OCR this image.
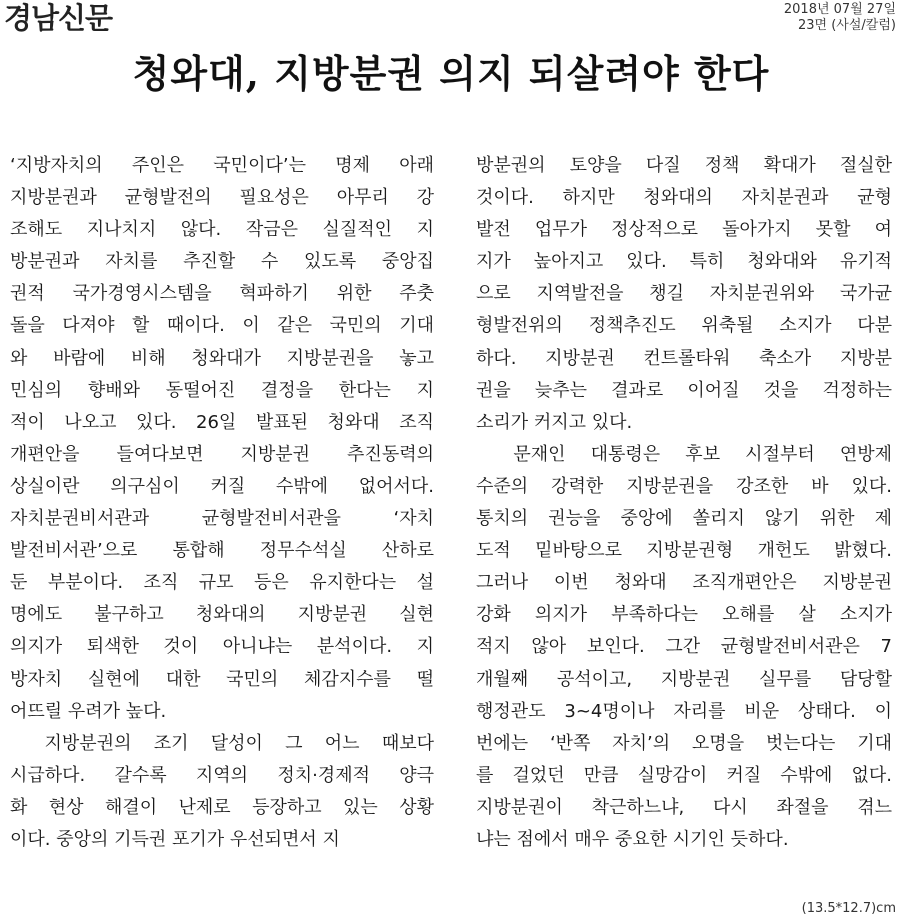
경남신문	2018년 07월 27일
23면 (사설/칼럼)
청와대, 지방분권 의지 되살려야 한다
‘지방자치의 주인은 국민이다’는 명제 아래
지방분권과 균형발전의 필요성은 아무리 강
조해도 지나치지 않다. 작금은 실질적인 지
방분권과 자치를 추진할 수 있도록 중앙집
권적 국가경영시스템을 혁파하기 위한 주춧
돌을 다져야 할 때이다. 이 같은 국민의 기대
와 바람에 비해 청와대가 지방분권을 놓고
민심의 향배와 동떨어진 결정을 한다는 지
적이 나오고 있다. 26일 발표된 청와대 조직
개편안을 들여다보면 지방분권 추진동력의
상실이란 의구심이 커질 수밖에 없어서다.
자치분권비서관과 균형발전비서관을 ‘자치
발전비서관’으로 통합해 정무수석실 산하로
둔 부분이다. 조직 규모 등은 유지한다는 설
명에도 불구하고 청와대의 지방분권 실현
의지가 퇴색한 것이 아니냐는 분석이다. 지
방자치 실현에 대한 국민의 체감지수를 떨
어뜨릴 우려가 높다.
　지방분권의 조기 달성이 그 어느 때보다
시급하다. 갈수록 지역의 정치·경제적 양극
화 현상 해결이 난제로 등장하고 있는 상황
이다. 중앙의 기득권 포기가 우선되면서 지
방분권의 토양을 다질 정책 확대가 절실한
것이다. 하지만 청와대의 자치분권과 균형
발전 업무가 정상적으로 돌아가지 못할 여
지가 높아지고 있다. 특히 청와대와 유기적
으로 지역발전을 챙길 자치분권위와 국가균
형발전위의 정책추진도 위축될 소지가 다분
하다. 지방분권 컨트롤타워 축소가 지방분
권을 늦추는 결과로 이어질 것을 걱정하는
소리가 커지고 있다.
　문재인 대통령은 후보 시절부터 연방제
수준의 강력한 지방분권을 강조한 바 있다.
통치의 권능을 중앙에 쏠리지 않기 위한 제
도적 밑바탕으로 지방분권형 개헌도 밝혔다.
그러나 이번 청와대 조직개편안은 지방분권
강화 의지가 부족하다는 오해를 살 소지가
적지 않아 보인다. 그간 균형발전비서관은 7
개월째 공석이고, 지방분권 실무를 담당할
행정관도 3~4명이나 자리를 비운 상태다. 이
번에는 ‘반쪽 자치’의 오명을 벗는다는 기대
를 걸었던 만큼 실망감이 커질 수밖에 없다.
지방분권이 착근하느냐, 다시 좌절을 겪느
냐는 점에서 매우 중요한 시기인 듯하다.
(13.5*12.7)cm
